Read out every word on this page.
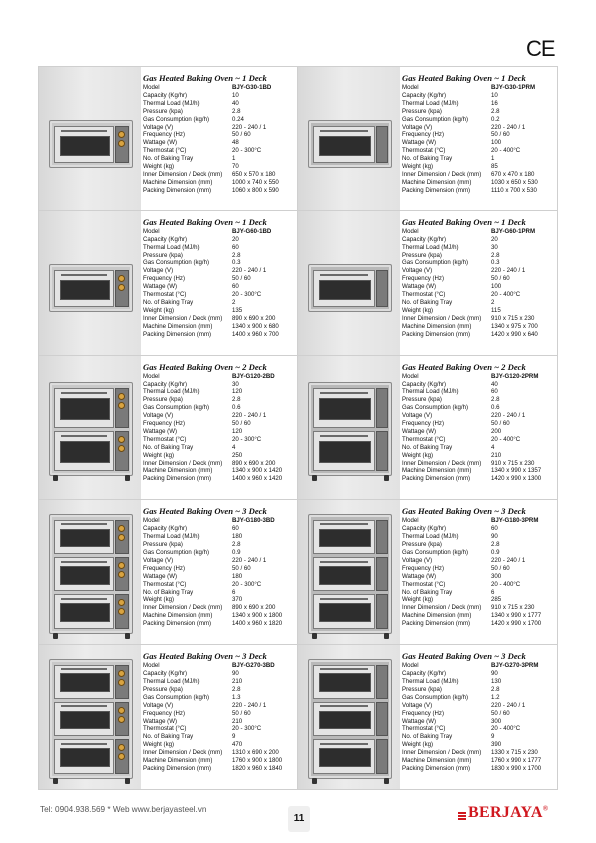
CE
Gas Heated Baking Oven ~ 1 Deck
Model	BJY-G30-1BD
Capacity (Kg/hr)	10
Thermal Load (MJ/h)	40
Pressure (kpa)	2.8
Gas Consumption (kg/h)	0.24
Voltage (V)	220 - 240 / 1
Frequency (Hz)	50 / 60
Wattage (W)	48
Thermostat (°C)	20 - 300°C
No. of Baking Tray	1
Weight (kg)	70
Inner Dimension / Deck (mm)	650 x 570 x 180
Machine Dimension (mm)	1000 x 740 x 550
Packing Dimension (mm)	1060 x 800 x 590
Gas Heated Baking Oven ~ 1 Deck
Model	BJY-G30-1PRM
Capacity (Kg/hr)	10
Thermal Load (MJ/h)	16
Pressure (kpa)	2.8
Gas Consumption (kg/h)	0.2
Voltage (V)	220 - 240 / 1
Frequency (Hz)	50 / 60
Wattage (W)	100
Thermostat (°C)	20 - 400°C
No. of Baking Tray	1
Weight (kg)	85
Inner Dimension / Deck (mm)	670 x 470 x 180
Machine Dimension (mm)	1030 x 650 x 530
Packing Dimension (mm)	1110 x 700 x 530
Gas Heated Baking Oven ~ 1 Deck
Model	BJY-G60-1BD
Capacity (Kg/hr)	20
Thermal Load (MJ/h)	60
Pressure (kpa)	2.8
Gas Consumption (kg/h)	0.3
Voltage (V)	220 - 240 / 1
Frequency (Hz)	50 / 60
Wattage (W)	60
Thermostat (°C)	20 - 300°C
No. of Baking Tray	2
Weight (kg)	135
Inner Dimension / Deck (mm)	890 x 690 x 200
Machine Dimension (mm)	1340 x 900 x 680
Packing Dimension (mm)	1400 x 960 x 700
Gas Heated Baking Oven ~ 1 Deck
Model	BJY-G60-1PRM
Capacity (Kg/hr)	20
Thermal Load (MJ/h)	30
Pressure (kpa)	2.8
Gas Consumption (kg/h)	0.3
Voltage (V)	220 - 240 / 1
Frequency (Hz)	50 / 60
Wattage (W)	100
Thermostat (°C)	20 - 400°C
No. of Baking Tray	2
Weight (kg)	115
Inner Dimension / Deck (mm)	910 x 715 x 230
Machine Dimension (mm)	1340 x 975 x 700
Packing Dimension (mm)	1420 x 990 x 640
Gas Heated Baking Oven ~ 2 Deck
Model	BJY-G120-2BD
Capacity (Kg/hr)	30
Thermal Load (MJ/h)	120
Pressure (kpa)	2.8
Gas Consumption (kg/h)	0.6
Voltage (V)	220 - 240 / 1
Frequency (Hz)	50 / 60
Wattage (W)	120
Thermostat (°C)	20 - 300°C
No. of Baking Tray	4
Weight (kg)	250
Inner Dimension / Deck (mm)	890 x 690 x 200
Machine Dimension (mm)	1340 x 900 x 1420
Packing Dimension (mm)	1400 x 960 x 1420
Gas Heated Baking Oven ~ 2 Deck
Model	BJY-G120-2PRM
Capacity (Kg/hr)	40
Thermal Load (MJ/h)	60
Pressure (kpa)	2.8
Gas Consumption (kg/h)	0.6
Voltage (V)	220 - 240 / 1
Frequency (Hz)	50 / 60
Wattage (W)	200
Thermostat (°C)	20 - 400°C
No. of Baking Tray	4
Weight (kg)	210
Inner Dimension / Deck (mm)	910 x 715 x 230
Machine Dimension (mm)	1340 x 990 x 1357
Packing Dimension (mm)	1420 x 990 x 1300
Gas Heated Baking Oven ~ 3 Deck
Model	BJY-G180-3BD
Capacity (Kg/hr)	60
Thermal Load (MJ/h)	180
Pressure (kpa)	2.8
Gas Consumption (kg/h)	0.9
Voltage (V)	220 - 240 / 1
Frequency (Hz)	50 / 60
Wattage (W)	180
Thermostat (°C)	20 - 300°C
No. of Baking Tray	6
Weight (kg)	370
Inner Dimension / Deck (mm)	890 x 690 x 200
Machine Dimension (mm)	1340 x 900 x 1800
Packing Dimension (mm)	1400 x 960 x 1820
Gas Heated Baking Oven ~ 3 Deck
Model	BJY-G180-3PRM
Capacity (Kg/hr)	60
Thermal Load (MJ/h)	90
Pressure (kpa)	2.8
Gas Consumption (kg/h)	0.9
Voltage (V)	220 - 240 / 1
Frequency (Hz)	50 / 60
Wattage (W)	300
Thermostat (°C)	20 - 400°C
No. of Baking Tray	6
Weight (kg)	285
Inner Dimension / Deck (mm)	910 x 715 x 230
Machine Dimension (mm)	1340 x 990 x 1777
Packing Dimension (mm)	1420 x 990 x 1700
Gas Heated Baking Oven ~ 3 Deck
Model	BJY-G270-3BD
Capacity (Kg/hr)	90
Thermal Load (MJ/h)	210
Pressure (kpa)	2.8
Gas Consumption (kg/h)	1.3
Voltage (V)	220 - 240 / 1
Frequency (Hz)	50 / 60
Wattage (W)	210
Thermostat (°C)	20 - 300°C
No. of Baking Tray	9
Weight (kg)	470
Inner Dimension / Deck (mm)	1310 x 690 x 200
Machine Dimension (mm)	1760 x 900 x 1800
Packing Dimension (mm)	1820 x 960 x 1840
Gas Heated Baking Oven ~ 3 Deck
Model	BJY-G270-3PRM
Capacity (Kg/hr)	90
Thermal Load (MJ/h)	130
Pressure (kpa)	2.8
Gas Consumption (kg/h)	1.2
Voltage (V)	220 - 240 / 1
Frequency (Hz)	50 / 60
Wattage (W)	300
Thermostat (°C)	20 - 400°C
No. of Baking Tray	9
Weight (kg)	390
Inner Dimension / Deck (mm)	1330 x 715 x 230
Machine Dimension (mm)	1760 x 990 x 1777
Packing Dimension (mm)	1830 x 990 x 1700
Tel: 0904.938.569 * Web www.berjayasteel.vn
11	BERJAYA®
